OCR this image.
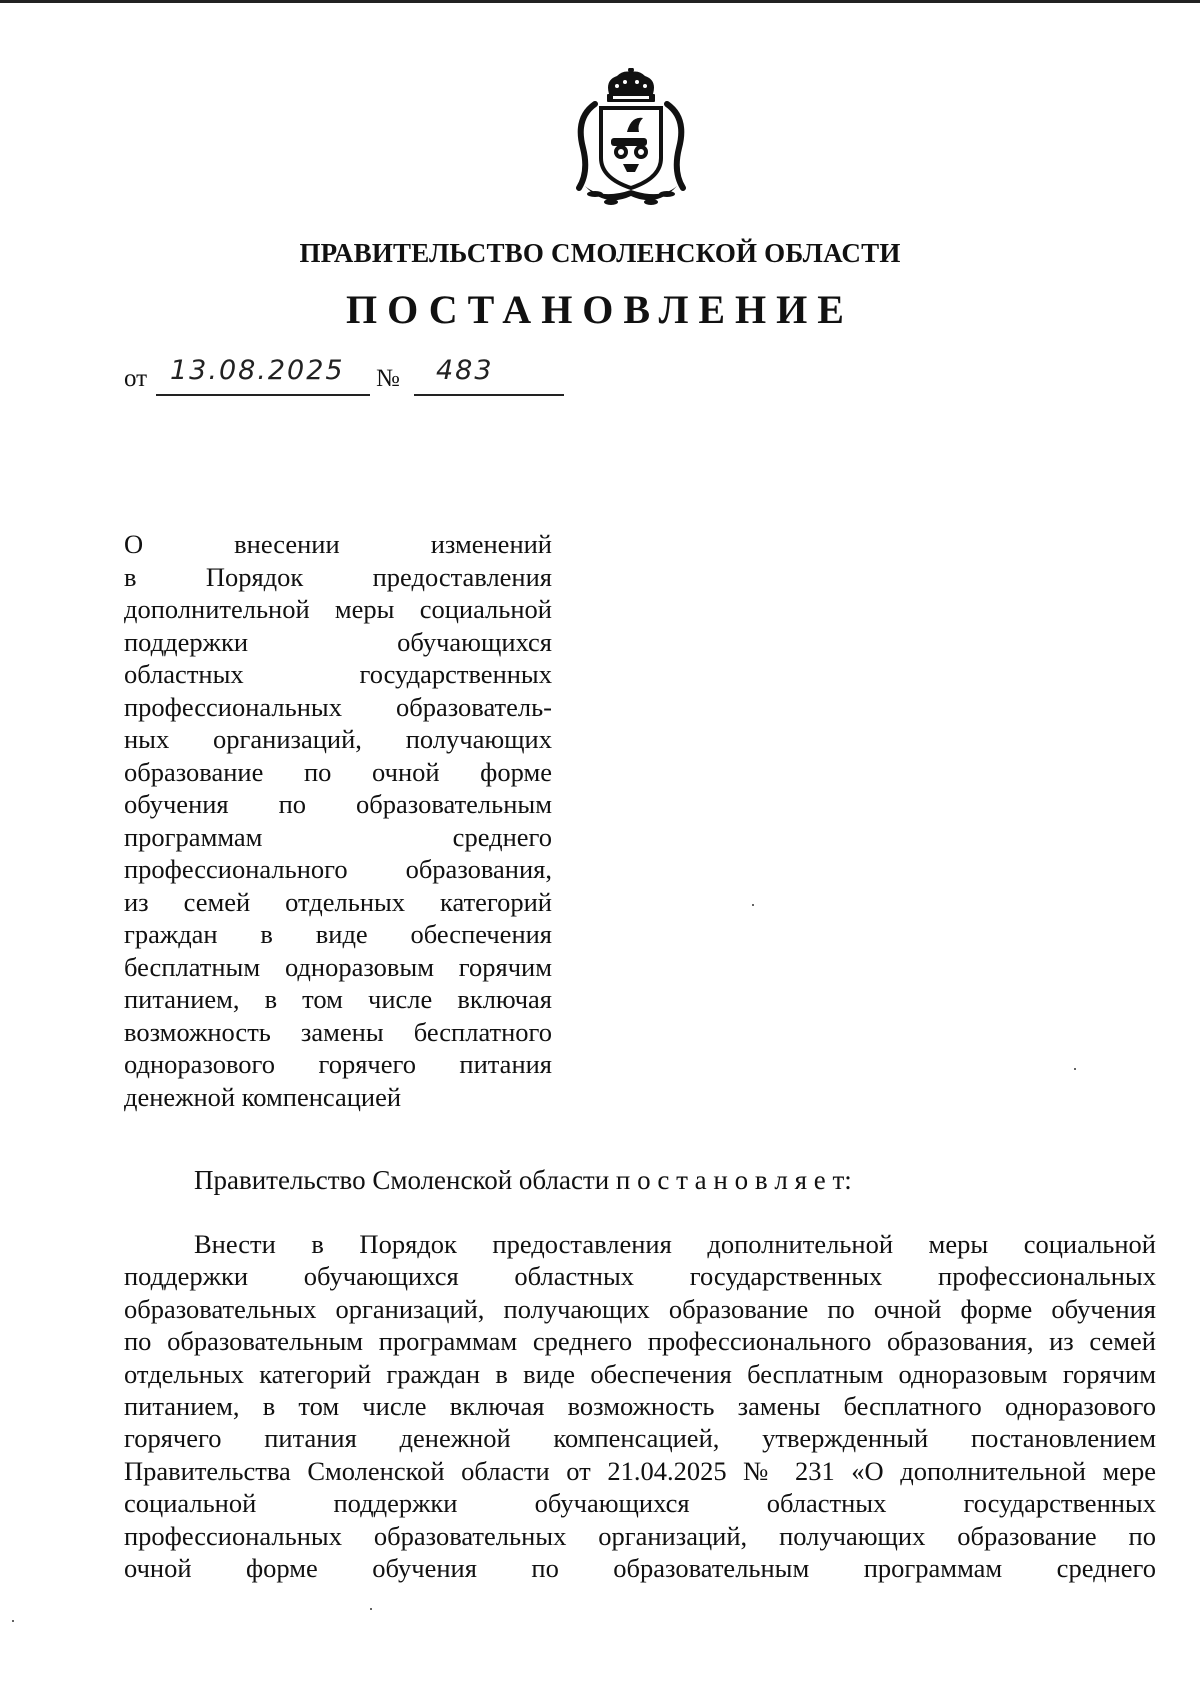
ПРАВИТЕЛЬСТВО СМОЛЕНСКОЙ ОБЛАСТИ
ПОСТАНОВЛЕНИЕ
от 13.08.2025 № 483
О внесении изменений
в Порядок предоставления
дополнительной меры социальной
поддержки обучающихся
областных государственных
профессиональных образователь-
ных организаций, получающих
образование по очной форме
обучения по образовательным
программам среднего
профессионального образования,
из семей отдельных категорий
граждан в виде обеспечения
бесплатным одноразовым горячим
питанием, в том числе включая
возможность замены бесплатного
одноразового горячего питания
денежной компенсацией
Правительство Смоленской области п о с т а н о в л я е т:
Внести в Порядок предоставления дополнительной меры социальной
поддержки обучающихся областных государственных профессиональных
образовательных организаций, получающих образование по очной форме обучения
по образовательным программам среднего профессионального образования, из семей
отдельных категорий граждан в виде обеспечения бесплатным одноразовым горячим
питанием, в том числе включая возможность замены бесплатного одноразового
горячего питания денежной компенсацией, утвержденный постановлением
Правительства Смоленской области от 21.04.2025 № 231 «О дополнительной мере
социальной поддержки обучающихся областных государственных
профессиональных образовательных организаций, получающих образование по
очной форме обучения по образовательным программам среднего
